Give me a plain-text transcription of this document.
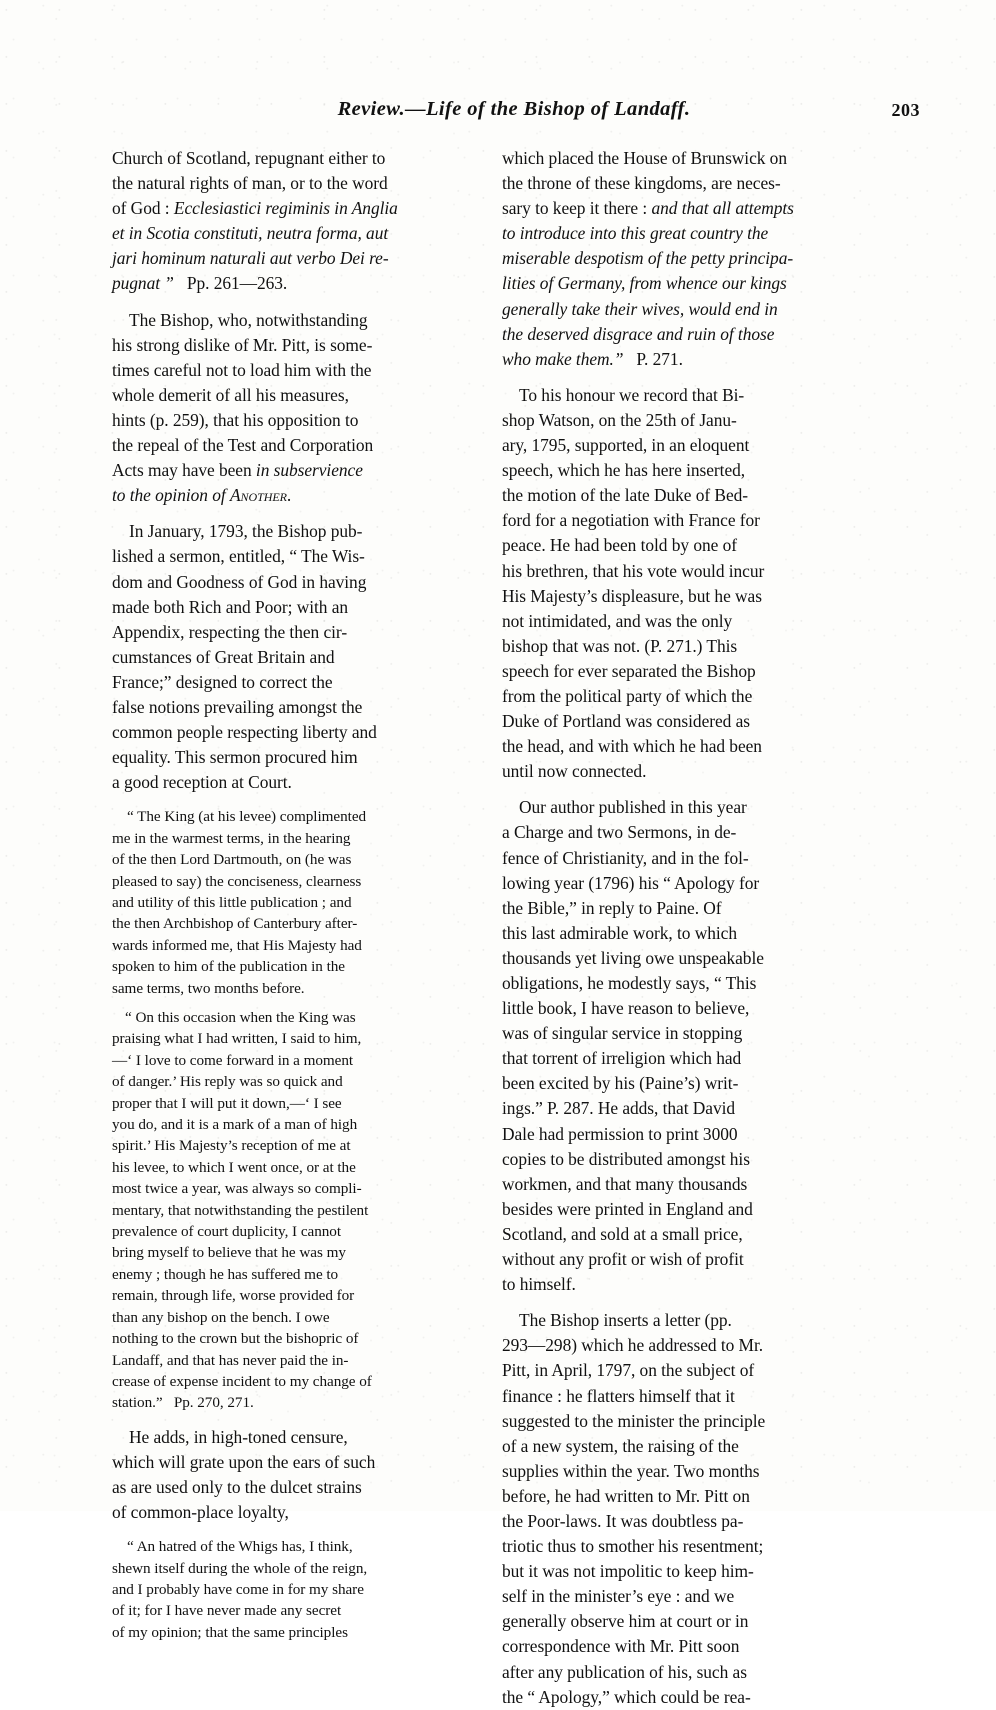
Review.—Life of the Bishop of Landaff.	203

Church of Scotland, repugnant either to
the natural rights of man, or to the word
of God : Ecclesiastici regiminis in Anglia
et in Scotia constituti, neutra forma, aut
jari hominum naturali aut verbo Dei re-
pugnat ”   Pp. 261—263.

The Bishop, who, notwithstanding
his strong dislike of Mr. Pitt, is some-
times careful not to load him with the
whole demerit of all his measures,
hints (p. 259), that his opposition to
the repeal of the Test and Corporation
Acts may have been in subservience
to the opinion of Another.

In January, 1793, the Bishop pub-
lished a sermon, entitled, “ The Wis-
dom and Goodness of God in having
made both Rich and Poor; with an
Appendix, respecting the then cir-
cumstances of Great Britain and
France;” designed to correct the
false notions prevailing amongst the
common people respecting liberty and
equality. This sermon procured him
a good reception at Court.

“ The King (at his levee) complimented
me in the warmest terms, in the hearing
of the then Lord Dartmouth, on (he was
pleased to say) the conciseness, clearness
and utility of this little publication ; and
the then Archbishop of Canterbury after-
wards informed me, that His Majesty had
spoken to him of the publication in the
same terms, two months before.

“ On this occasion when the King was
praising what I had written, I said to him,
—‘ I love to come forward in a moment
of danger.’ His reply was so quick and
proper that I will put it down,—‘ I see
you do, and it is a mark of a man of high
spirit.’ His Majesty’s reception of me at
his levee, to which I went once, or at the
most twice a year, was always so compli-
mentary, that notwithstanding the pestilent
prevalence of court duplicity, I cannot
bring myself to believe that he was my
enemy ; though he has suffered me to
remain, through life, worse provided for
than any bishop on the bench. I owe
nothing to the crown but the bishopric of
Landaff, and that has never paid the in-
crease of expense incident to my change of
station.”   Pp. 270, 271.

He adds, in high-toned censure,
which will grate upon the ears of such
as are used only to the dulcet strains
of common-place loyalty,

“ An hatred of the Whigs has, I think,
shewn itself during the whole of the reign,
and I probably have come in for my share
of it; for I have never made any secret
of my opinion; that the same principles

which placed the House of Brunswick on
the throne of these kingdoms, are neces-
sary to keep it there : and that all attempts
to introduce into this great country the
miserable despotism of the petty principa-
lities of Germany, from whence our kings
generally take their wives, would end in
the deserved disgrace and ruin of those
who make them.”   P. 271.

To his honour we record that Bi-
shop Watson, on the 25th of Janu-
ary, 1795, supported, in an eloquent
speech, which he has here inserted,
the motion of the late Duke of Bed-
ford for a negotiation with France for
peace. He had been told by one of
his brethren, that his vote would incur
His Majesty’s displeasure, but he was
not intimidated, and was the only
bishop that was not. (P. 271.) This
speech for ever separated the Bishop
from the political party of which the
Duke of Portland was considered as
the head, and with which he had been
until now connected.

Our author published in this year
a Charge and two Sermons, in de-
fence of Christianity, and in the fol-
lowing year (1796) his “ Apology for
the Bible,” in reply to Paine. Of
this last admirable work, to which
thousands yet living owe unspeakable
obligations, he modestly says, “ This
little book, I have reason to believe,
was of singular service in stopping
that torrent of irreligion which had
been excited by his (Paine’s) writ-
ings.” P. 287. He adds, that David
Dale had permission to print 3000
copies to be distributed amongst his
workmen, and that many thousands
besides were printed in England and
Scotland, and sold at a small price,
without any profit or wish of profit
to himself.

The Bishop inserts a letter (pp.
293—298) which he addressed to Mr.
Pitt, in April, 1797, on the subject of
finance : he flatters himself that it
suggested to the minister the principle
of a new system, the raising of the
supplies within the year. Two months
before, he had written to Mr. Pitt on
the Poor-laws. It was doubtless pa-
triotic thus to smother his resentment;
but it was not impolitic to keep him-
self in the minister’s eye : and we
generally observe him at court or in
correspondence with Mr. Pitt soon
after any publication of his, such as
the “ Apology,” which could be rea-
